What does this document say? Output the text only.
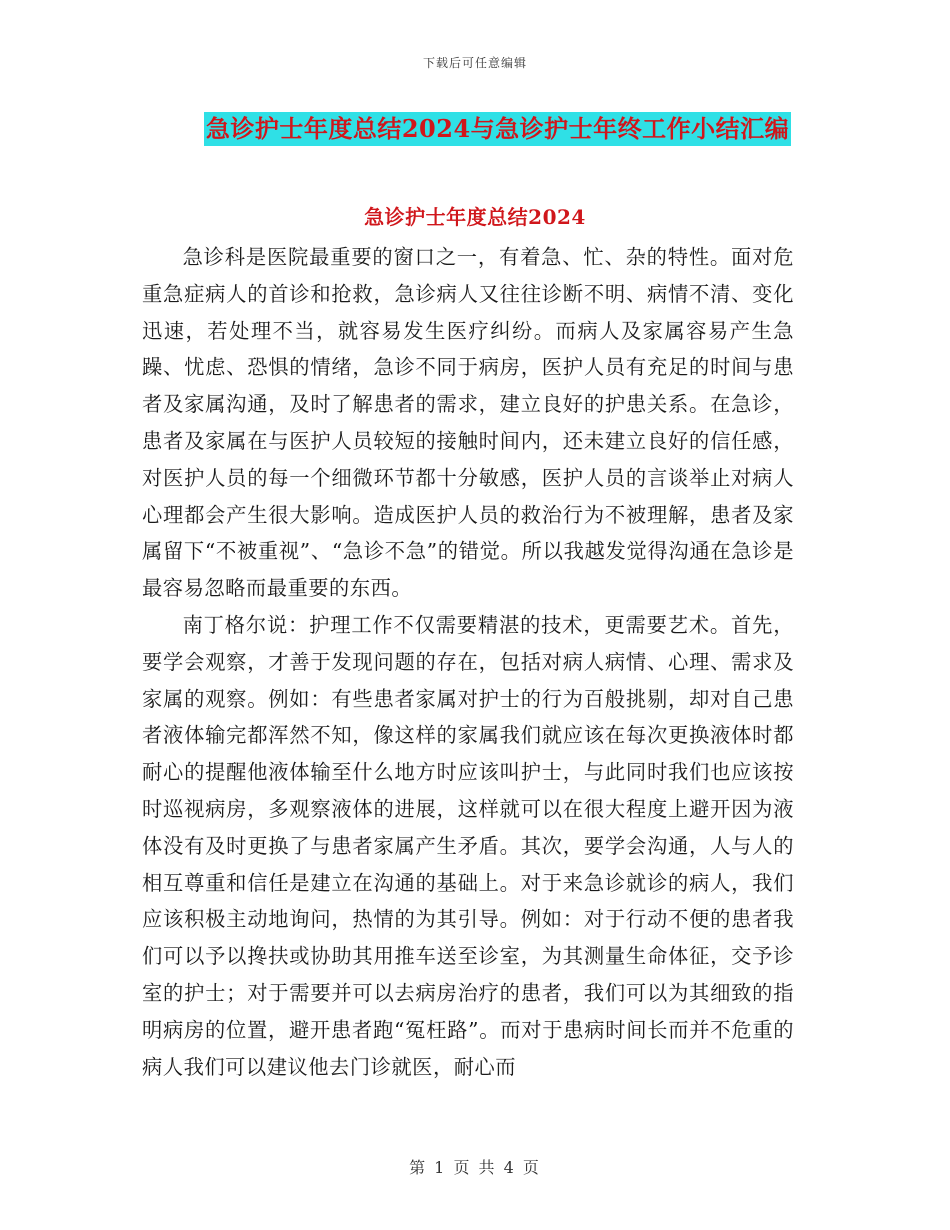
下载后可任意编辑
急诊护士年度总结2024与急诊护士年终工作小结汇编
急诊护士年度总结2024

急诊科是医院最重要的窗口之一，有着急、忙、杂的特性。面对危重急症病人的首诊和抢救，急诊病人又往往诊断不明、病情不清、变化迅速，若处理不当，就容易发生医疗纠纷。而病人及家属容易产生急躁、忧虑、恐惧的情绪，急诊不同于病房，医护人员有充足的时间与患者及家属沟通，及时了解患者的需求，建立良好的护患关系。在急诊，患者及家属在与医护人员较短的接触时间内，还未建立良好的信任感，对医护人员的每一个细微环节都十分敏感，医护人员的言谈举止对病人心理都会产生很大影响。造成医护人员的救治行为不被理解，患者及家属留下“不被重视”、“急诊不急”的错觉。所以我越发觉得沟通在急诊是最容易忽略而最重要的东西。

南丁格尔说：护理工作不仅需要精湛的技术，更需要艺术。首先，要学会观察，才善于发现问题的存在，包括对病人病情、心理、需求及家属的观察。例如：有些患者家属对护士的行为百般挑剔，却对自己患者液体输完都浑然不知，像这样的家属我们就应该在每次更换液体时都耐心的提醒他液体输至什么地方时应该叫护士，与此同时我们也应该按时巡视病房，多观察液体的进展，这样就可以在很大程度上避开因为液体没有及时更换了与患者家属产生矛盾。其次，要学会沟通，人与人的相互尊重和信任是建立在沟通的基础上。对于来急诊就诊的病人，我们应该积极主动地询问，热情的为其引导。例如：对于行动不便的患者我们可以予以搀扶或协助其用推车送至诊室，为其测量生命体征，交予诊室的护士；对于需要并可以去病房治疗的患者，我们可以为其细致的指明病房的位置，避开患者跑“冤枉路”。而对于患病时间长而并不危重的病人我们可以建议他去门诊就医，耐心而

第 1 页 共 4 页
